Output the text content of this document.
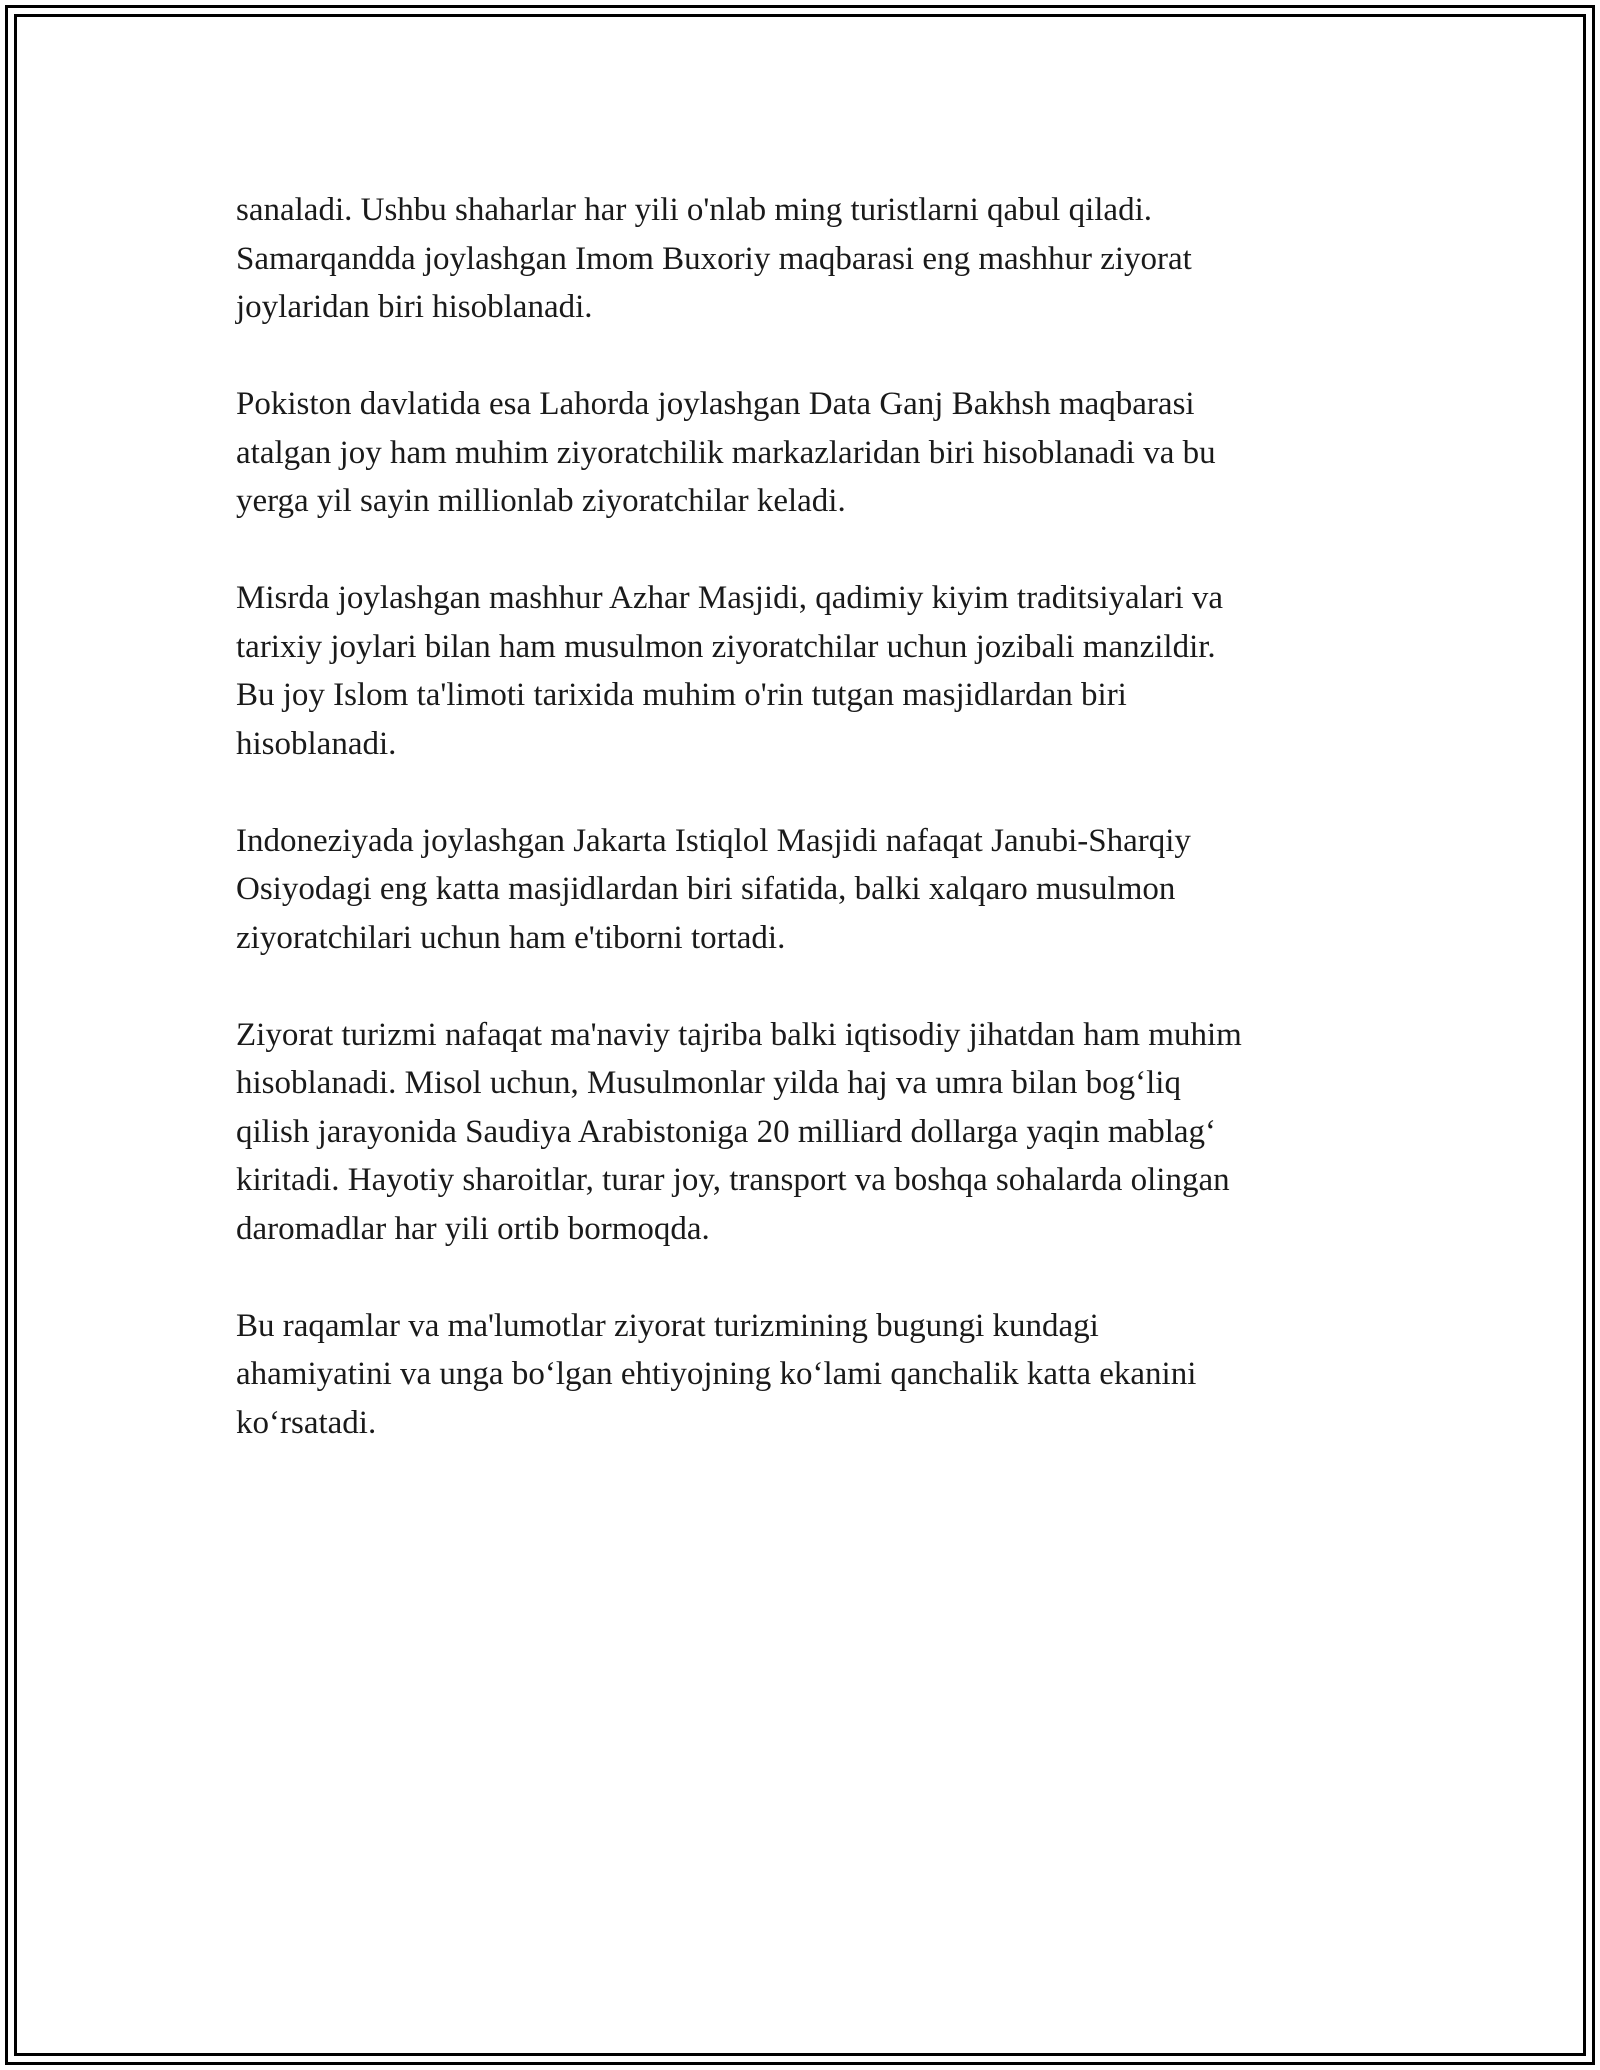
sanaladi. Ushbu shaharlar har yili o'nlab ming turistlarni qabul qiladi.
Samarqandda joylashgan Imom Buxoriy maqbarasi eng mashhur ziyorat
joylaridan biri hisoblanadi.

Pokiston davlatida esa Lahorda joylashgan Data Ganj Bakhsh maqbarasi
atalgan joy ham muhim ziyoratchilik markazlaridan biri hisoblanadi va bu
yerga yil sayin millionlab ziyoratchilar keladi.

Misrda joylashgan mashhur Azhar Masjidi, qadimiy kiyim traditsiyalari va
tarixiy joylari bilan ham musulmon ziyoratchilar uchun jozibali manzildir.
Bu joy Islom ta'limoti tarixida muhim o'rin tutgan masjidlardan biri
hisoblanadi.

Indoneziyada joylashgan Jakarta Istiqlol Masjidi nafaqat Janubi-Sharqiy
Osiyodagi eng katta masjidlardan biri sifatida, balki xalqaro musulmon
ziyoratchilari uchun ham e'tiborni tortadi.

Ziyorat turizmi nafaqat ma'naviy tajriba balki iqtisodiy jihatdan ham muhim
hisoblanadi. Misol uchun, Musulmonlar yilda haj va umra bilan bog‘liq
qilish jarayonida Saudiya Arabistoniga 20 milliard dollarga yaqin mablag‘
kiritadi. Hayotiy sharoitlar, turar joy, transport va boshqa sohalarda olingan
daromadlar har yili ortib bormoqda.

Bu raqamlar va ma'lumotlar ziyorat turizmining bugungi kundagi
ahamiyatini va unga bo‘lgan ehtiyojning ko‘lami qanchalik katta ekanini
ko‘rsatadi.
